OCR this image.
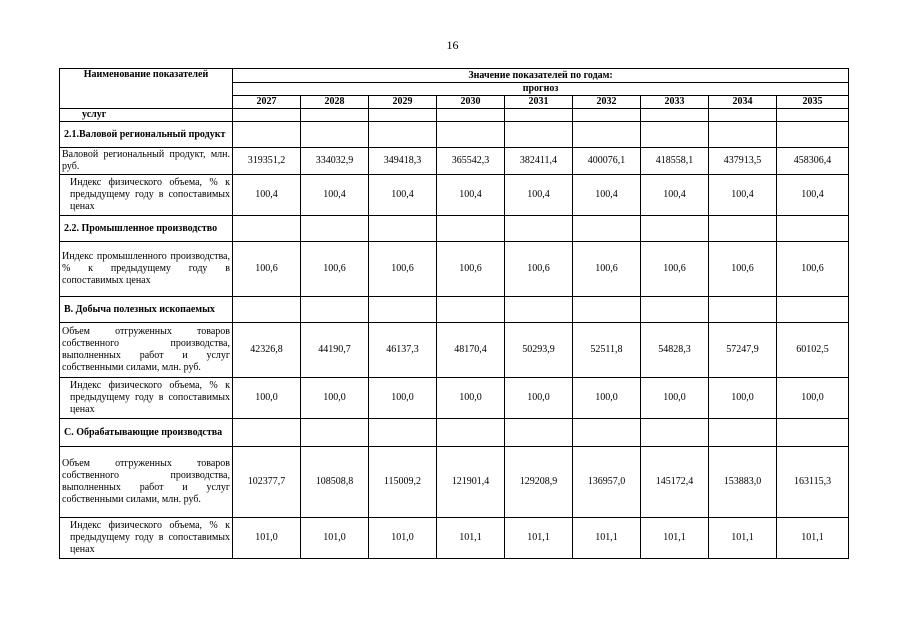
16
Наименование показателей	Значение показателей по годам:								
	прогноз								
	2027	2028	2029	2030	2031	2032	2033	2034	2035
услуг									
2.1.Валовой региональный продукт									
Валовой региональный продукт, млн. руб.	319351,2	334032,9	349418,3	365542,3	382411,4	400076,1	418558,1	437913,5	458306,4
Индекс физического объема, % к предыдущему году в сопоставимых ценах	100,4	100,4	100,4	100,4	100,4	100,4	100,4	100,4	100,4
2.2. Промышленное производство									
Индекс промышленного производства, % к предыдущему году в сопоставимых ценах	100,6	100,6	100,6	100,6	100,6	100,6	100,6	100,6	100,6
B. Добыча полезных ископаемых									
Объем отгруженных товаров собственного производства, выполненных работ и услуг собственными силами, млн. руб.	42326,8	44190,7	46137,3	48170,4	50293,9	52511,8	54828,3	57247,9	60102,5
Индекс физического объема, % к предыдущему году в сопоставимых ценах	100,0	100,0	100,0	100,0	100,0	100,0	100,0	100,0	100,0
C. Обрабатывающие производства									
Объем отгруженных товаров собственного производства, выполненных работ и услуг собственными силами, млн. руб.	102377,7	108508,8	115009,2	121901,4	129208,9	136957,0	145172,4	153883,0	163115,3
Индекс физического объема, % к предыдущему году в сопоставимых ценах	101,0	101,0	101,0	101,1	101,1	101,1	101,1	101,1	101,1
